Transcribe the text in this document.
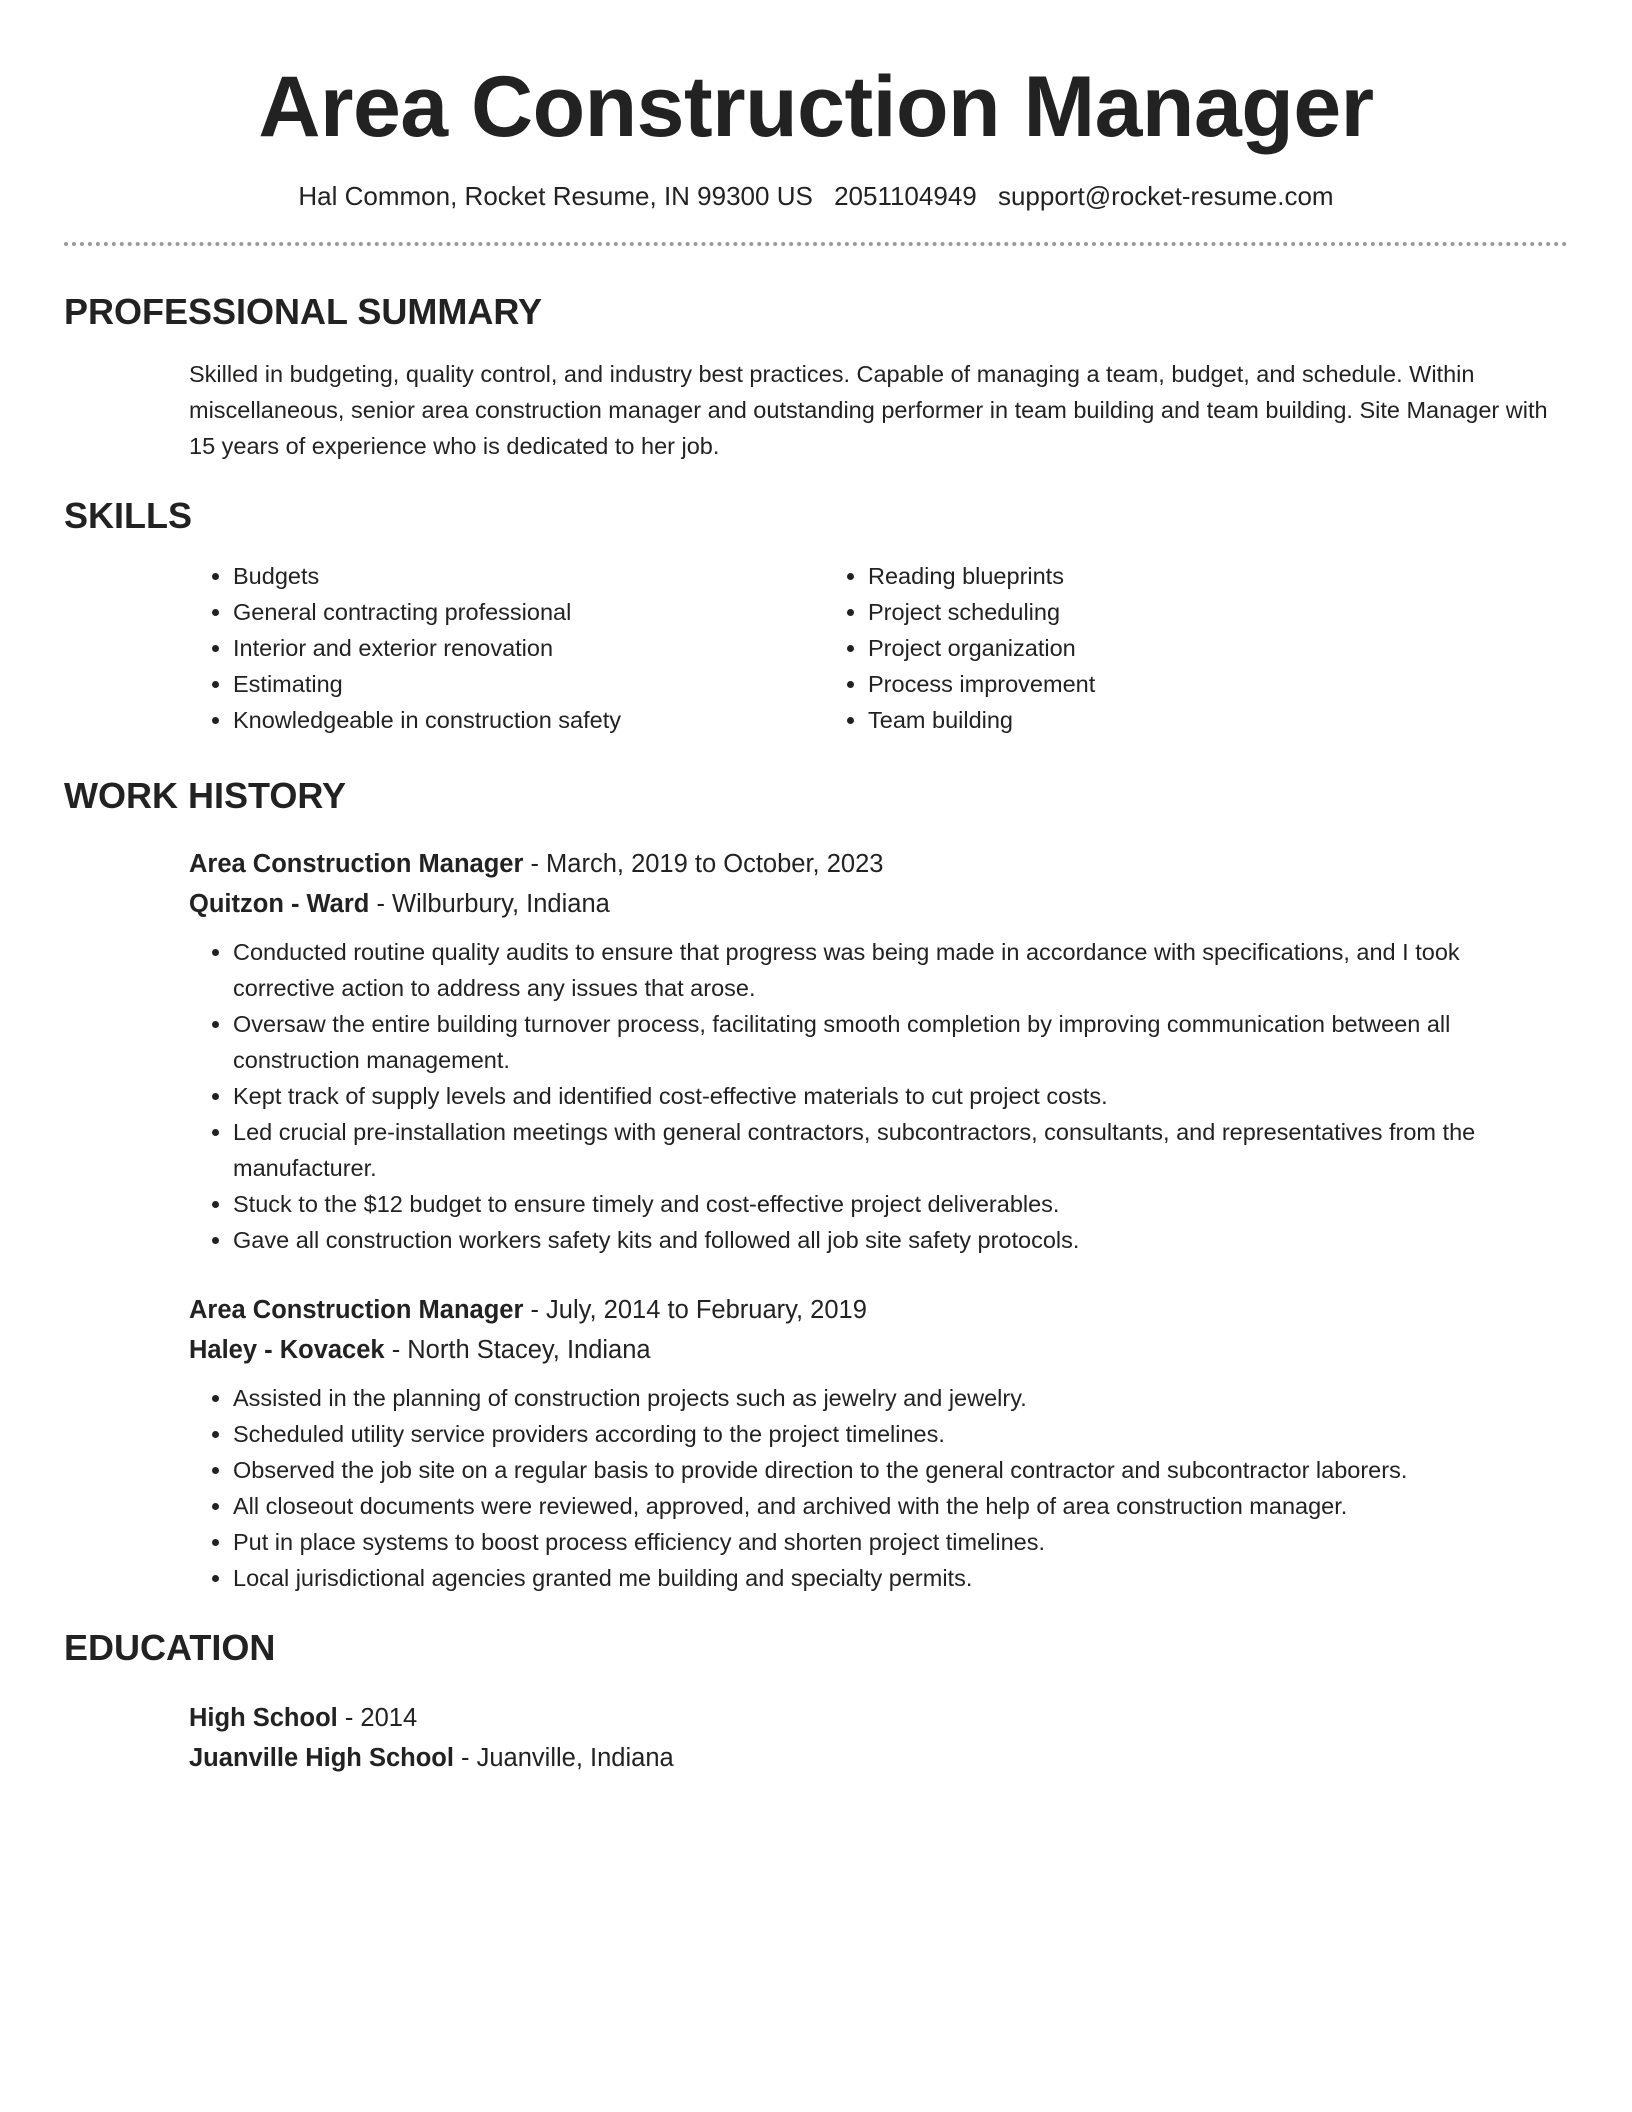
Area Construction Manager
Hal Common, Rocket Resume, IN 99300 US 2051104949 support@rocket-resume.com
PROFESSIONAL SUMMARY

Skilled in budgeting, quality control, and industry best practices. Capable of managing a team, budget, and schedule. Within miscellaneous, senior area construction manager and outstanding performer in team building and team building. Site Manager with 15 years of experience who is dedicated to her job.

SKILLS
• Budgets
• General contracting professional
• Interior and exterior renovation
• Estimating
• Knowledgeable in construction safety
• Reading blueprints
• Project scheduling
• Project organization
• Process improvement
• Team building
WORK HISTORY
Area Construction Manager - March, 2019 to October, 2023
Quitzon - Ward - Wilburbury, Indiana
• Conducted routine quality audits to ensure that progress was being made in accordance with specifications, and I took corrective action to address any issues that arose.
• Oversaw the entire building turnover process, facilitating smooth completion by improving communication between all construction management.
• Kept track of supply levels and identified cost-effective materials to cut project costs.
• Led crucial pre-installation meetings with general contractors, subcontractors, consultants, and representatives from the manufacturer.
• Stuck to the $12 budget to ensure timely and cost-effective project deliverables.
• Gave all construction workers safety kits and followed all job site safety protocols.
Area Construction Manager - July, 2014 to February, 2019
Haley - Kovacek - North Stacey, Indiana
• Assisted in the planning of construction projects such as jewelry and jewelry.
• Scheduled utility service providers according to the project timelines.
• Observed the job site on a regular basis to provide direction to the general contractor and subcontractor laborers.
• All closeout documents were reviewed, approved, and archived with the help of area construction manager.
• Put in place systems to boost process efficiency and shorten project timelines.
• Local jurisdictional agencies granted me building and specialty permits.
EDUCATION
High School - 2014
Juanville High School - Juanville, Indiana
